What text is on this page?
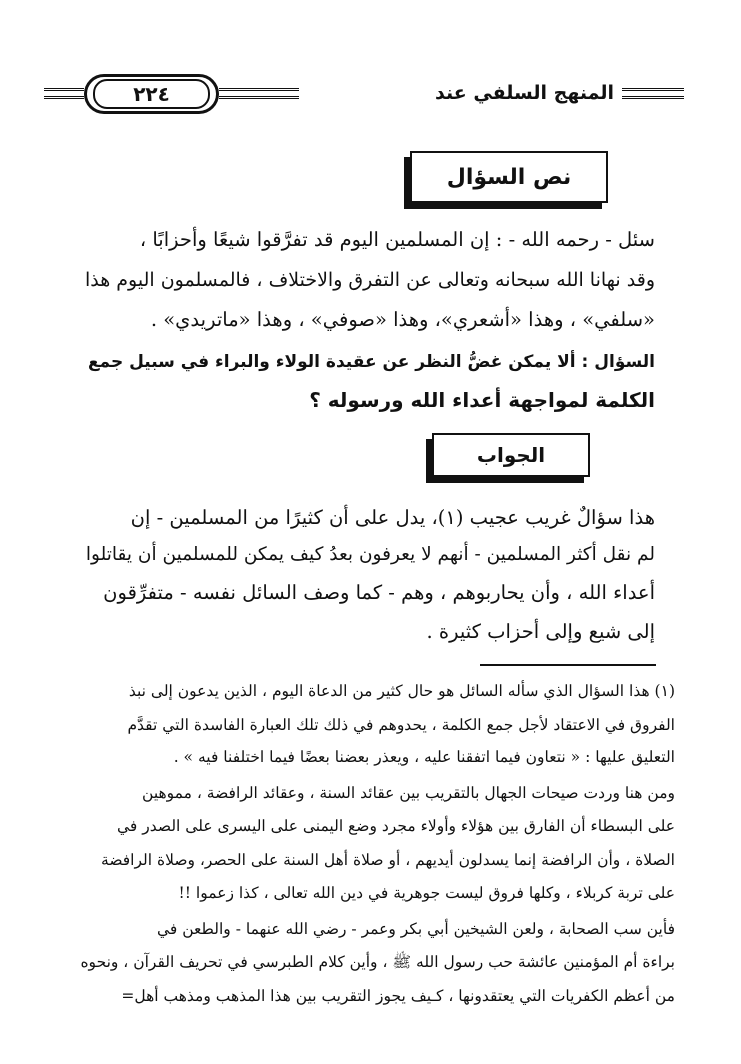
المنهج السلفي عند
٢٢٤
نص السؤال
سئل - رحمه الله - : إن المسلمين اليوم قد تفرَّقوا شيعًا وأحزابًا ،
وقد نهانا الله سبحانه وتعالى عن التفرق والاختلاف ، فالمسلمون اليوم هذا
«سلفي» ، وهذا «أشعري»، وهذا «صوفي» ، وهذا «ماتريدي» .
السؤال : ألا يمكن غضُّ النظر عن عقيدة الولاء والبراء في سبيل جمع
الكلمة لمواجهة أعداء الله ورسوله ؟
الجواب
هذا سؤالٌ غريب عجيب (١)، يدل على أن كثيرًا من المسلمين - إن
لم نقل أكثر المسلمين - أنهم لا يعرفون بعدُ كيف يمكن للمسلمين أن يقاتلوا
أعداء الله ، وأن يحاربوهم ، وهم - كما وصف السائل نفسه - متفرِّقون
إلى شيع وإلى أحزاب كثيرة .
(١) هذا السؤال الذي سأله السائل هو حال كثير من الدعاة اليوم ، الذين يدعون إلى نبذ
الفروق في الاعتقاد لأجل جمع الكلمة ، يحدوهم في ذلك تلك العبارة الفاسدة التي تقدَّم
التعليق عليها : « نتعاون فيما اتفقنا عليه ، ويعذر بعضنا بعضًا فيما اختلفنا فيه » .
ومن هنا وردت صيحات الجهال بالتقريب بين عقائد السنة ، وعقائد الرافضة ، مموهين
على البسطاء أن الفارق بين هؤلاء وأولاء مجرد وضع اليمنى على اليسرى على الصدر في
الصلاة ، وأن الرافضة إنما يسدلون أيديهم ، أو صلاة أهل السنة على الحصر، وصلاة الرافضة
على تربة كربلاء ، وكلها فروق ليست جوهرية في دين الله تعالى ، كذا زعموا !!
فأين سب الصحابة ، ولعن الشيخين أبي بكر وعمر - رضي الله عنهما - والطعن في
براءة أم المؤمنين عائشة حب رسول الله ﷺ ، وأين كلام الطبرسي في تحريف القرآن ، ونحوه
من أعظم الكفريات التي يعتقدونها ، كـيف يجوز التقريب بين هذا المذهب ومذهب أهل=
